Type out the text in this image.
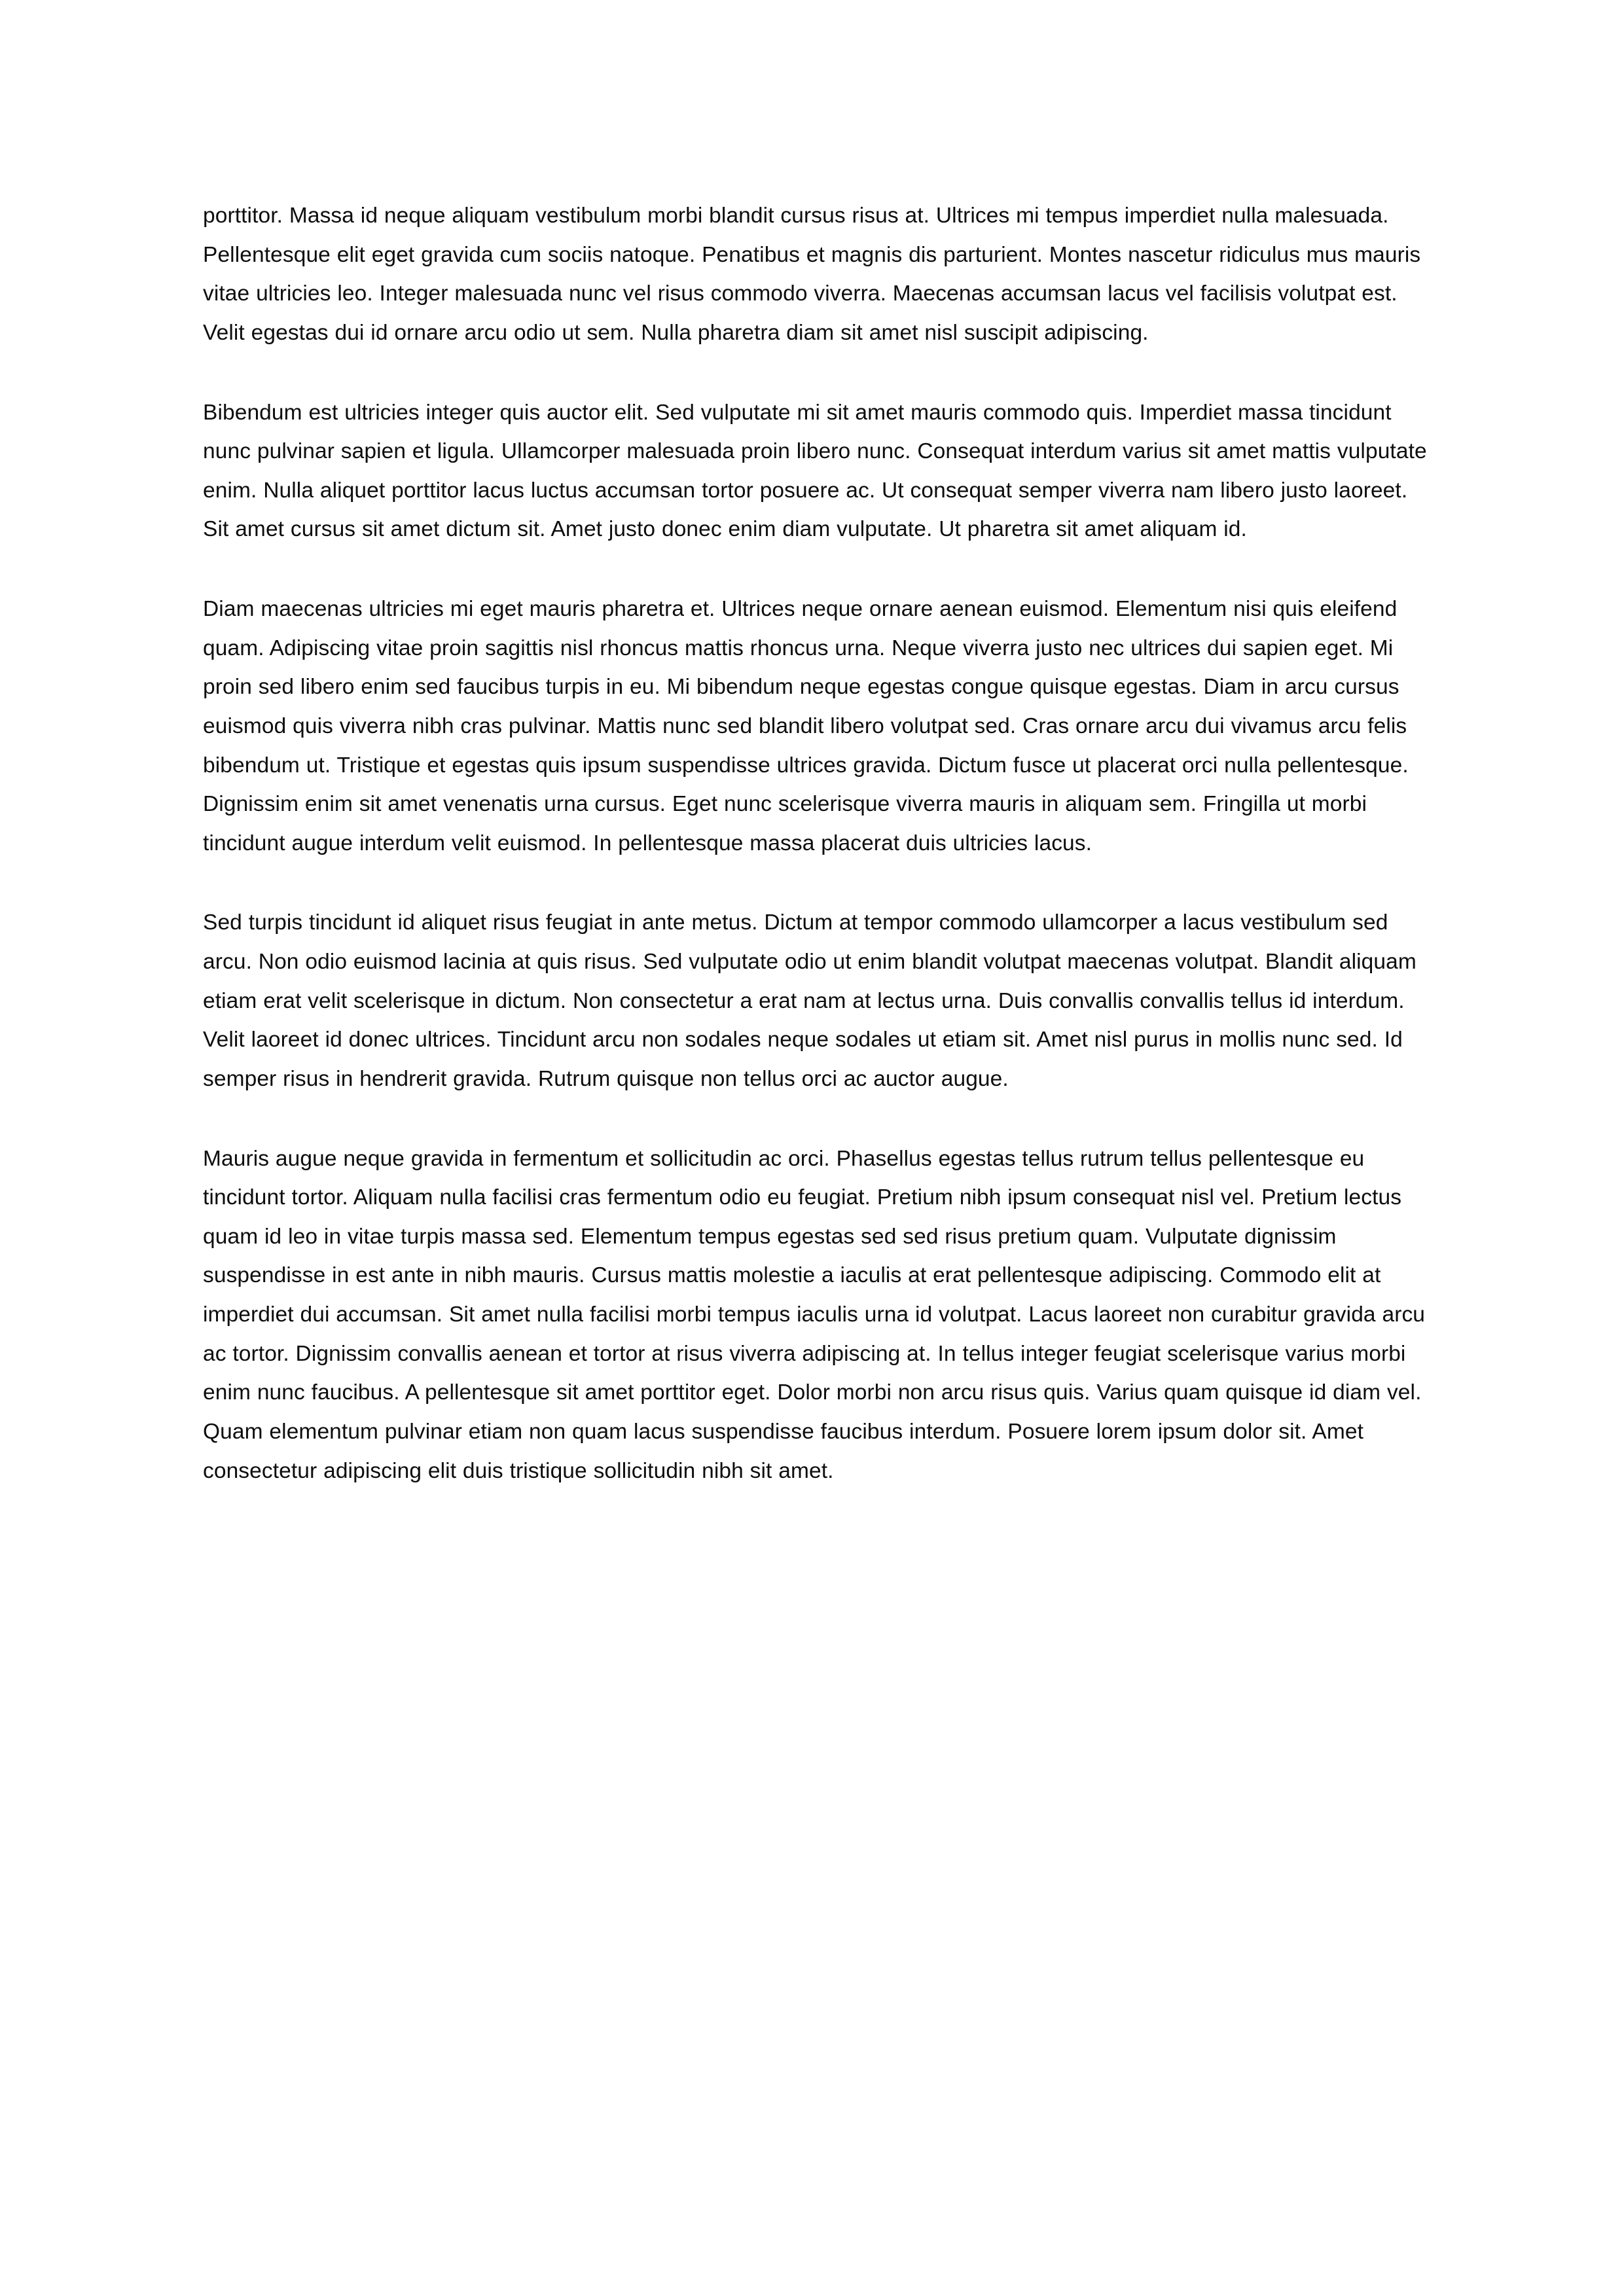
porttitor. Massa id neque aliquam vestibulum morbi blandit cursus risus at. Ultrices mi tempus imperdiet nulla malesuada. Pellentesque elit eget gravida cum sociis natoque. Penatibus et magnis dis parturient. Montes nascetur ridiculus mus mauris vitae ultricies leo. Integer malesuada nunc vel risus commodo viverra. Maecenas accumsan lacus vel facilisis volutpat est. Velit egestas dui id ornare arcu odio ut sem. Nulla pharetra diam sit amet nisl suscipit adipiscing.

Bibendum est ultricies integer quis auctor elit. Sed vulputate mi sit amet mauris commodo quis. Imperdiet massa tincidunt nunc pulvinar sapien et ligula. Ullamcorper malesuada proin libero nunc. Consequat interdum varius sit amet mattis vulputate enim. Nulla aliquet porttitor lacus luctus accumsan tortor posuere ac. Ut consequat semper viverra nam libero justo laoreet. Sit amet cursus sit amet dictum sit. Amet justo donec enim diam vulputate. Ut pharetra sit amet aliquam id.

Diam maecenas ultricies mi eget mauris pharetra et. Ultrices neque ornare aenean euismod. Elementum nisi quis eleifend quam. Adipiscing vitae proin sagittis nisl rhoncus mattis rhoncus urna. Neque viverra justo nec ultrices dui sapien eget. Mi proin sed libero enim sed faucibus turpis in eu. Mi bibendum neque egestas congue quisque egestas. Diam in arcu cursus euismod quis viverra nibh cras pulvinar. Mattis nunc sed blandit libero volutpat sed. Cras ornare arcu dui vivamus arcu felis bibendum ut. Tristique et egestas quis ipsum suspendisse ultrices gravida. Dictum fusce ut placerat orci nulla pellentesque. Dignissim enim sit amet venenatis urna cursus. Eget nunc scelerisque viverra mauris in aliquam sem. Fringilla ut morbi tincidunt augue interdum velit euismod. In pellentesque massa placerat duis ultricies lacus.

Sed turpis tincidunt id aliquet risus feugiat in ante metus. Dictum at tempor commodo ullamcorper a lacus vestibulum sed arcu. Non odio euismod lacinia at quis risus. Sed vulputate odio ut enim blandit volutpat maecenas volutpat. Blandit aliquam etiam erat velit scelerisque in dictum. Non consectetur a erat nam at lectus urna. Duis convallis convallis tellus id interdum. Velit laoreet id donec ultrices. Tincidunt arcu non sodales neque sodales ut etiam sit. Amet nisl purus in mollis nunc sed. Id semper risus in hendrerit gravida. Rutrum quisque non tellus orci ac auctor augue.

Mauris augue neque gravida in fermentum et sollicitudin ac orci. Phasellus egestas tellus rutrum tellus pellentesque eu tincidunt tortor. Aliquam nulla facilisi cras fermentum odio eu feugiat. Pretium nibh ipsum consequat nisl vel. Pretium lectus quam id leo in vitae turpis massa sed. Elementum tempus egestas sed sed risus pretium quam. Vulputate dignissim suspendisse in est ante in nibh mauris. Cursus mattis molestie a iaculis at erat pellentesque adipiscing. Commodo elit at imperdiet dui accumsan. Sit amet nulla facilisi morbi tempus iaculis urna id volutpat. Lacus laoreet non curabitur gravida arcu ac tortor. Dignissim convallis aenean et tortor at risus viverra adipiscing at. In tellus integer feugiat scelerisque varius morbi enim nunc faucibus. A pellentesque sit amet porttitor eget. Dolor morbi non arcu risus quis. Varius quam quisque id diam vel. Quam elementum pulvinar etiam non quam lacus suspendisse faucibus interdum. Posuere lorem ipsum dolor sit. Amet consectetur adipiscing elit duis tristique sollicitudin nibh sit amet.
